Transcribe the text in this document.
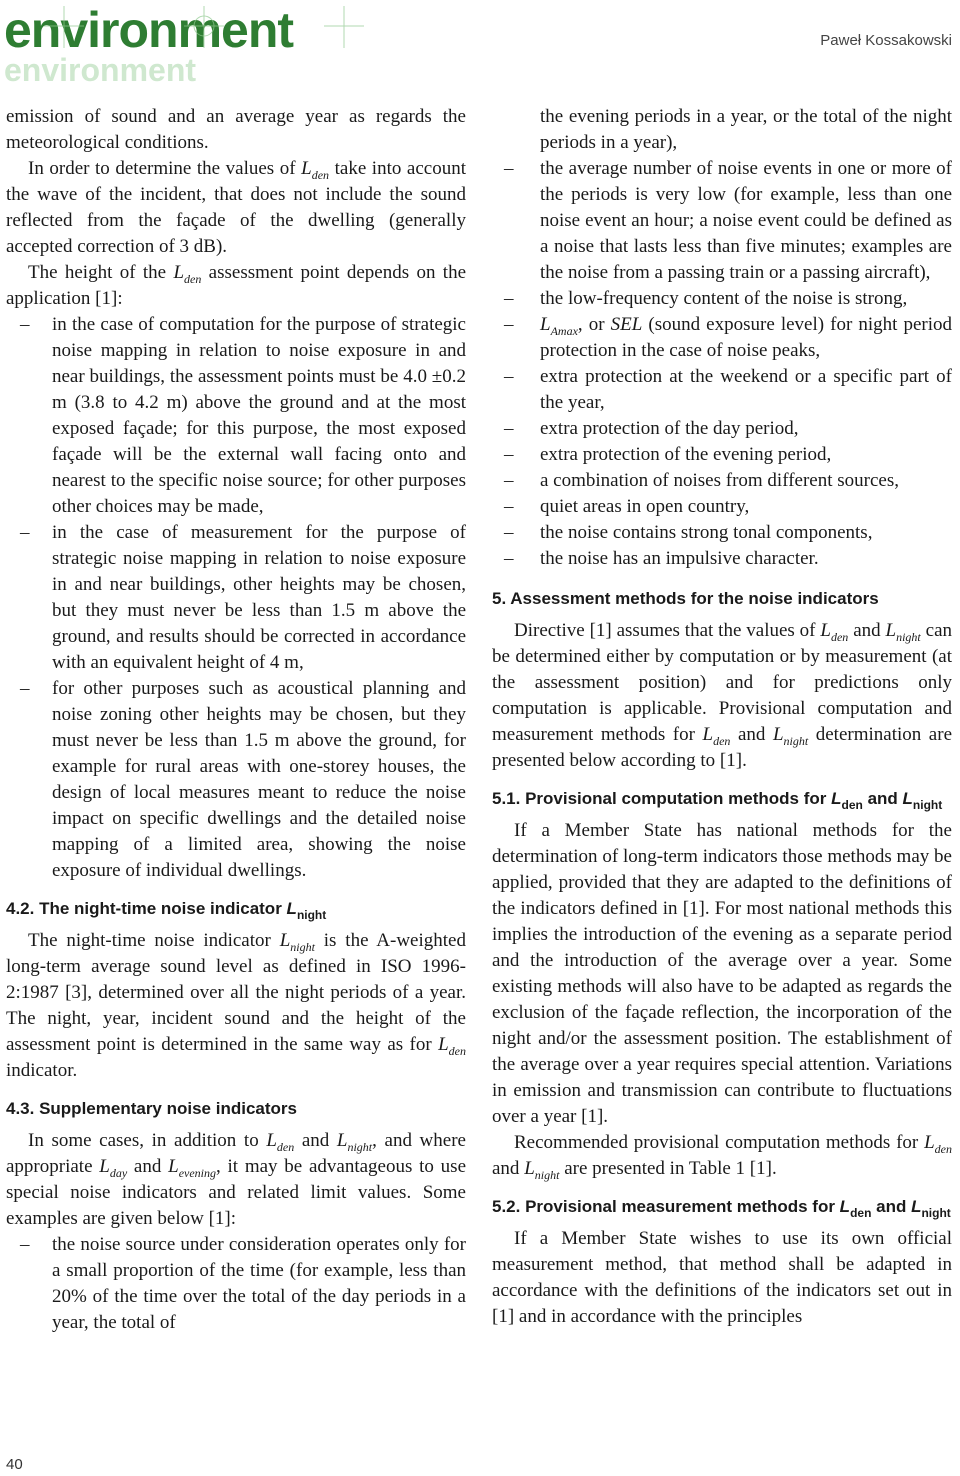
environment
environment	Paweł Kossakowski

emission of sound and an average year as regards the meteorological conditions.

In order to determine the values of $L_{den}$ take into account the wave of the incident, that does not include the sound reflected from the façade of the dwelling (generally accepted correction of 3 dB).

The height of the $L_{den}$ assessment point depends on the application [1]:

– in the case of computation for the purpose of strategic noise mapping in relation to noise exposure in and near buildings, the assessment points must be 4.0 ±0.2 m (3.8 to 4.2 m) above the ground and at the most exposed façade; for this purpose, the most exposed façade will be the external wall facing onto and nearest to the specific noise source; for other purposes other choices may be made,
– in the case of measurement for the purpose of strategic noise mapping in relation to noise exposure in and near buildings, other heights may be chosen, but they must never be less than 1.5 m above the ground, and results should be corrected in accordance with an equivalent height of 4 m,
– for other purposes such as acoustical planning and noise zoning other heights may be chosen, but they must never be less than 1.5 m above the ground, for example for rural areas with one-storey houses, the design of local measures meant to reduce the noise impact on specific dwellings and the detailed noise mapping of a limited area, showing the noise exposure of individual dwellings.
4.2. The night-time noise indicator $L_{night}$

The night-time noise indicator $L_{night}$ is the A-weighted long-term average sound level as defined in ISO 1996-2:1987 [3], determined over all the night periods of a year. The night, year, incident sound and the height of the assessment point is determined in the same way as for $L_{den}$ indicator.

4.3. Supplementary noise indicators

In some cases, in addition to $L_{den}$ and $L_{night}$, and where appropriate $L_{day}$ and $L_{evening}$, it may be advantageous to use special noise indicators and related limit values. Some examples are given below [1]:

– the noise source under consideration operates only for a small proportion of the time (for example, less than 20% of the time over the total of the day periods in a year, the total of

the evening periods in a year, or the total of the night periods in a year),

– the average number of noise events in one or more of the periods is very low (for example, less than one noise event an hour; a noise event could be defined as a noise that lasts less than five minutes; examples are the noise from a passing train or a passing aircraft),
– the low-frequency content of the noise is strong,
– $L_{Amax}$, or SEL (sound exposure level) for night period protection in the case of noise peaks,
– extra protection at the weekend or a specific part of the year,
– extra protection of the day period,
– extra protection of the evening period,
– a combination of noises from different sources,
– quiet areas in open country,
– the noise contains strong tonal components,
– the noise has an impulsive character.
5. Assessment methods for the noise indicators

Directive [1] assumes that the values of $L_{den}$ and $L_{night}$ can be determined either by computation or by measurement (at the assessment position) and for predictions only computation is applicable. Provisional computation and measurement methods for $L_{den}$ and $L_{night}$ determination are presented below according to [1].

5.1. Provisional computation methods for $L_{den}$ and $L_{night}$

If a Member State has national methods for the determination of long-term indicators those methods may be applied, provided that they are adapted to the definitions of the indicators defined in [1]. For most national methods this implies the introduction of the evening as a separate period and the introduction of the average over a year. Some existing methods will also have to be adapted as regards the exclusion of the façade reflection, the incorporation of the night and/or the assessment position. The establishment of the average over a year requires special attention. Variations in emission and transmission can contribute to fluctuations over a year [1].

Recommended provisional computation methods for $L_{den}$ and $L_{night}$ are presented in Table 1 [1].

5.2. Provisional measurement methods for $L_{den}$ and $L_{night}$

If a Member State wishes to use its own official measurement method, that method shall be adapted in accordance with the definitions of the indicators set out in [1] and in accordance with the principles

40
